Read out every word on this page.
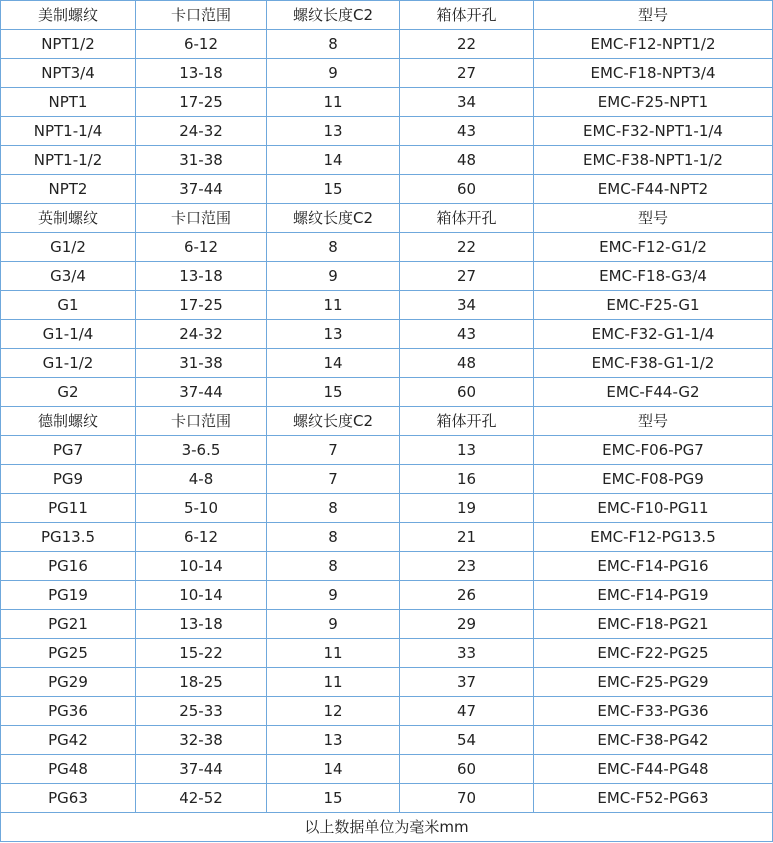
美制螺纹	卡口范围	螺纹长度C2	箱体开孔	型号
NPT1/2	6-12	8	22	EMC-F12-NPT1/2
NPT3/4	13-18	9	27	EMC-F18-NPT3/4
NPT1	17-25	11	34	EMC-F25-NPT1
NPT1-1/4	24-32	13	43	EMC-F32-NPT1-1/4
NPT1-1/2	31-38	14	48	EMC-F38-NPT1-1/2
NPT2	37-44	15	60	EMC-F44-NPT2
英制螺纹	卡口范围	螺纹长度C2	箱体开孔	型号
G1/2	6-12	8	22	EMC-F12-G1/2
G3/4	13-18	9	27	EMC-F18-G3/4
G1	17-25	11	34	EMC-F25-G1
G1-1/4	24-32	13	43	EMC-F32-G1-1/4
G1-1/2	31-38	14	48	EMC-F38-G1-1/2
G2	37-44	15	60	EMC-F44-G2
德制螺纹	卡口范围	螺纹长度C2	箱体开孔	型号
PG7	3-6.5	7	13	EMC-F06-PG7
PG9	4-8	7	16	EMC-F08-PG9
PG11	5-10	8	19	EMC-F10-PG11
PG13.5	6-12	8	21	EMC-F12-PG13.5
PG16	10-14	8	23	EMC-F14-PG16
PG19	10-14	9	26	EMC-F14-PG19
PG21	13-18	9	29	EMC-F18-PG21
PG25	15-22	11	33	EMC-F22-PG25
PG29	18-25	11	37	EMC-F25-PG29
PG36	25-33	12	47	EMC-F33-PG36
PG42	32-38	13	54	EMC-F38-PG42
PG48	37-44	14	60	EMC-F44-PG48
PG63	42-52	15	70	EMC-F52-PG63
以上数据单位为毫米mm				
